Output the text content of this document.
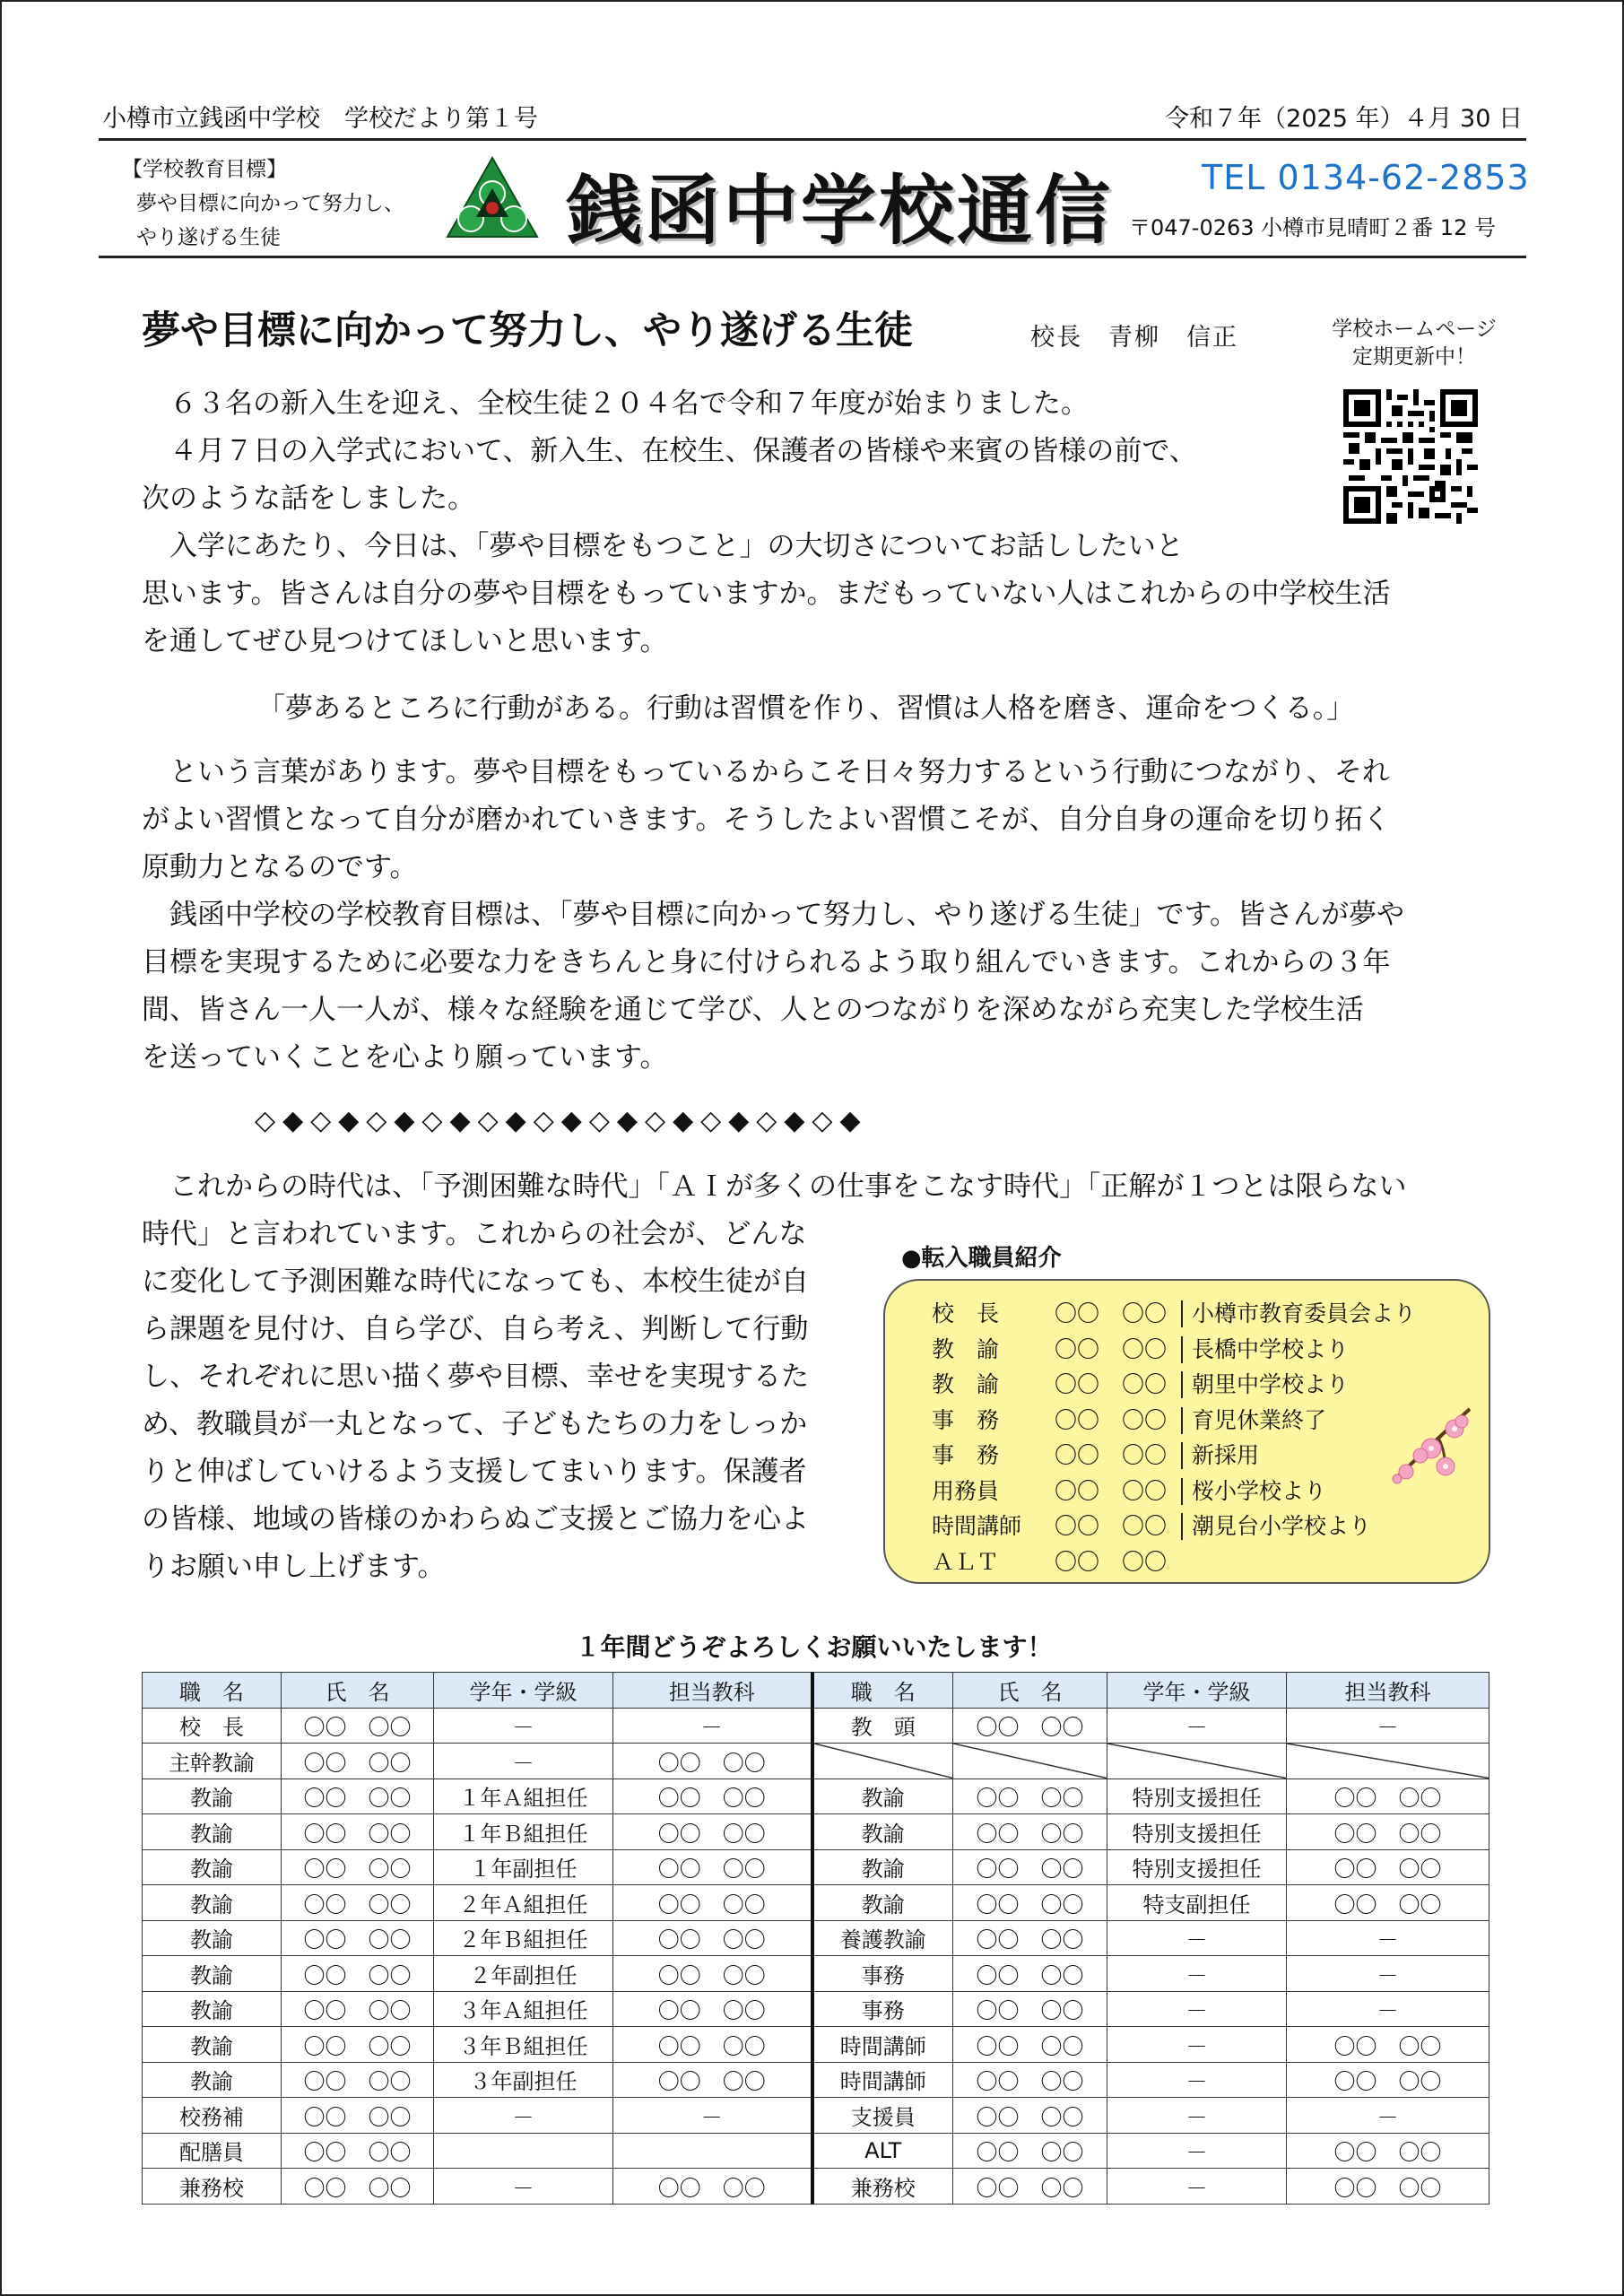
小樽市立銭函中学校　学校だより第１号	令和７年（2025 年）４月 30 日
【学校教育目標】
夢や目標に向かって努力し、
やり遂げる生徒	銭函中学校通信	TEL 0134-62-2853
〒047-0263 小樽市見晴町２番 12 号
夢や目標に向かって努力し、やり遂げる生徒	校長　青柳　信正	学校ホームページ
定期更新中！
　６３名の新入生を迎え、全校生徒２０４名で令和７年度が始まりました。
　４月７日の入学式において、新入生、在校生、保護者の皆様や来賓の皆様の前で、
次のような話をしました。
　入学にあたり、今日は、「夢や目標をもつこと」の大切さについてお話ししたいと
思います。皆さんは自分の夢や目標をもっていますか。まだもっていない人はこれからの中学校生活
を通してぜひ見つけてほしいと思います。
「夢あるところに行動がある。行動は習慣を作り、習慣は人格を磨き、運命をつくる。」
　という言葉があります。夢や目標をもっているからこそ日々努力するという行動につながり、それ
がよい習慣となって自分が磨かれていきます。そうしたよい習慣こそが、自分自身の運命を切り拓く
原動力となるのです。
　銭函中学校の学校教育目標は、「夢や目標に向かって努力し、やり遂げる生徒」です。皆さんが夢や
目標を実現するために必要な力をきちんと身に付けられるよう取り組んでいきます。これからの３年
間、皆さん一人一人が、様々な経験を通じて学び、人とのつながりを深めながら充実した学校生活
を送っていくことを心より願っています。
◇◆◇◆◇◆◇◆◇◆◇◆◇◆◇◆◇◆◇◆◇◆
　これからの時代は、「予測困難な時代」「ＡＩが多くの仕事をこなす時代」「正解が１つとは限らない
時代」と言われています。これからの社会が、どんな
に変化して予測困難な時代になっても、本校生徒が自
ら課題を見付け、自ら学び、自ら考え、判断して行動
し、それぞれに思い描く夢や目標、幸せを実現するた
め、教職員が一丸となって、子どもたちの力をしっか
りと伸ばしていけるよう支援してまいります。保護者
の皆様、地域の皆様のかわらぬご支援とご協力を心よ
りお願い申し上げます。
●転入職員紹介
校　長	〇〇　〇〇	小樽市教育委員会より
教　諭	〇〇　〇〇	長橋中学校より
教　諭	〇〇　〇〇	朝里中学校より
事　務	〇〇　〇〇	育児休業終了
事　務	〇〇　〇〇	新採用
用務員	〇〇　〇〇	桜小学校より
時間講師	〇〇　〇〇	潮見台小学校より
ＡＬＴ	〇〇　〇〇
１年間どうぞよろしくお願いいたします！
職　名	氏　名	学年・学級	担当教科	職　名	氏　名	学年・学級	担当教科
校　長	〇〇　〇〇	－	－	教　頭	〇〇　〇〇	－	－
主幹教諭	〇〇　〇〇	－	〇〇　〇〇	

教諭	〇〇　〇〇	１年Ａ組担任	〇〇　〇〇	教諭	〇〇　〇〇	特別支援担任	〇〇　〇〇
教諭	〇〇　〇〇	１年Ｂ組担任	〇〇　〇〇	教諭	〇〇　〇〇	特別支援担任	〇〇　〇〇
教諭	〇〇　〇〇	１年副担任	〇〇　〇〇	教諭	〇〇　〇〇	特別支援担任	〇〇　〇〇
教諭	〇〇　〇〇	２年Ａ組担任	〇〇　〇〇	教諭	〇〇　〇〇	特支副担任	〇〇　〇〇
教諭	〇〇　〇〇	２年Ｂ組担任	〇〇　〇〇	養護教諭	〇〇　〇〇	－	－
教諭	〇〇　〇〇	２年副担任	〇〇　〇〇	事務	〇〇　〇〇	－	－
教諭	〇〇　〇〇	３年Ａ組担任	〇〇　〇〇	事務	〇〇　〇〇	－	－
教諭	〇〇　〇〇	３年Ｂ組担任	〇〇　〇〇	時間講師	〇〇　〇〇	－	〇〇　〇〇
教諭	〇〇　〇〇	３年副担任	〇〇　〇〇	時間講師	〇〇　〇〇	－	〇〇　〇〇
校務補	〇〇　〇〇	－	－	支援員	〇〇　〇〇	－	－
配膳員	〇〇　〇〇			ALT	〇〇　〇〇	－	〇〇　〇〇
兼務校	〇〇　〇〇	－	〇〇　〇〇	兼務校	〇〇　〇〇	－	〇〇　〇〇
